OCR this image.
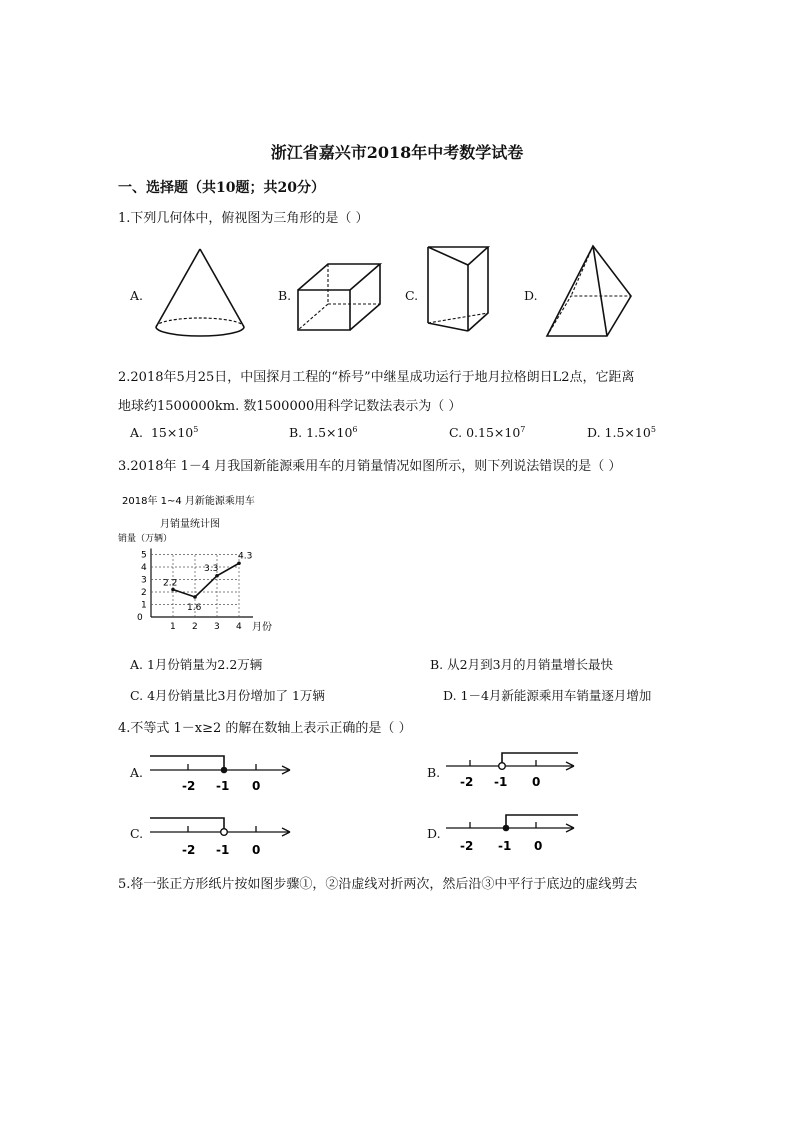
浙江省嘉兴市2018年中考数学试卷
一、选择题（共10题；共20分）
1.下列几何体中，俯视图为三角形的是（ ）
A.	B.	C.	D.
2.2018年5月25日，中国探月工程的“桥号”中继星成功运行于地月拉格朗日L2点，它距离
地球约1500000km. 数1500000用科学记数法表示为（ ）
A. $15\times 10^5$	B. $1.5\times 10^6$	C. $0.15\times 10^7$	D. $1.5\times 10^5$
3.2018年 1－4 月我国新能源乘用车的月销量情况如图所示，则下列说法错误的是（ ）
2018年 1~4 月新能源乘用车
月销量统计图
销量（万辆）
0
1
2
3
4
5
1 2 3 4
2.2
1.6
3.3
4.3
月份
A. 1月份销量为2.2万辆	B. 从2月到3月的月销量增长最快
C. 4月份销量比3月份增加了 1万辆	D. 1－4月新能源乘用车销量逐月增加
4.不等式 1－x≥2 的解在数轴上表示正确的是（ ）
A.
-2 -1 0
B.
-2 -1 0
C.
-2 -1 0
D.
-2 -1 0
5.将一张正方形纸片按如图步骤①，②沿虚线对折两次，然后沿③中平行于底边的虚线剪去
